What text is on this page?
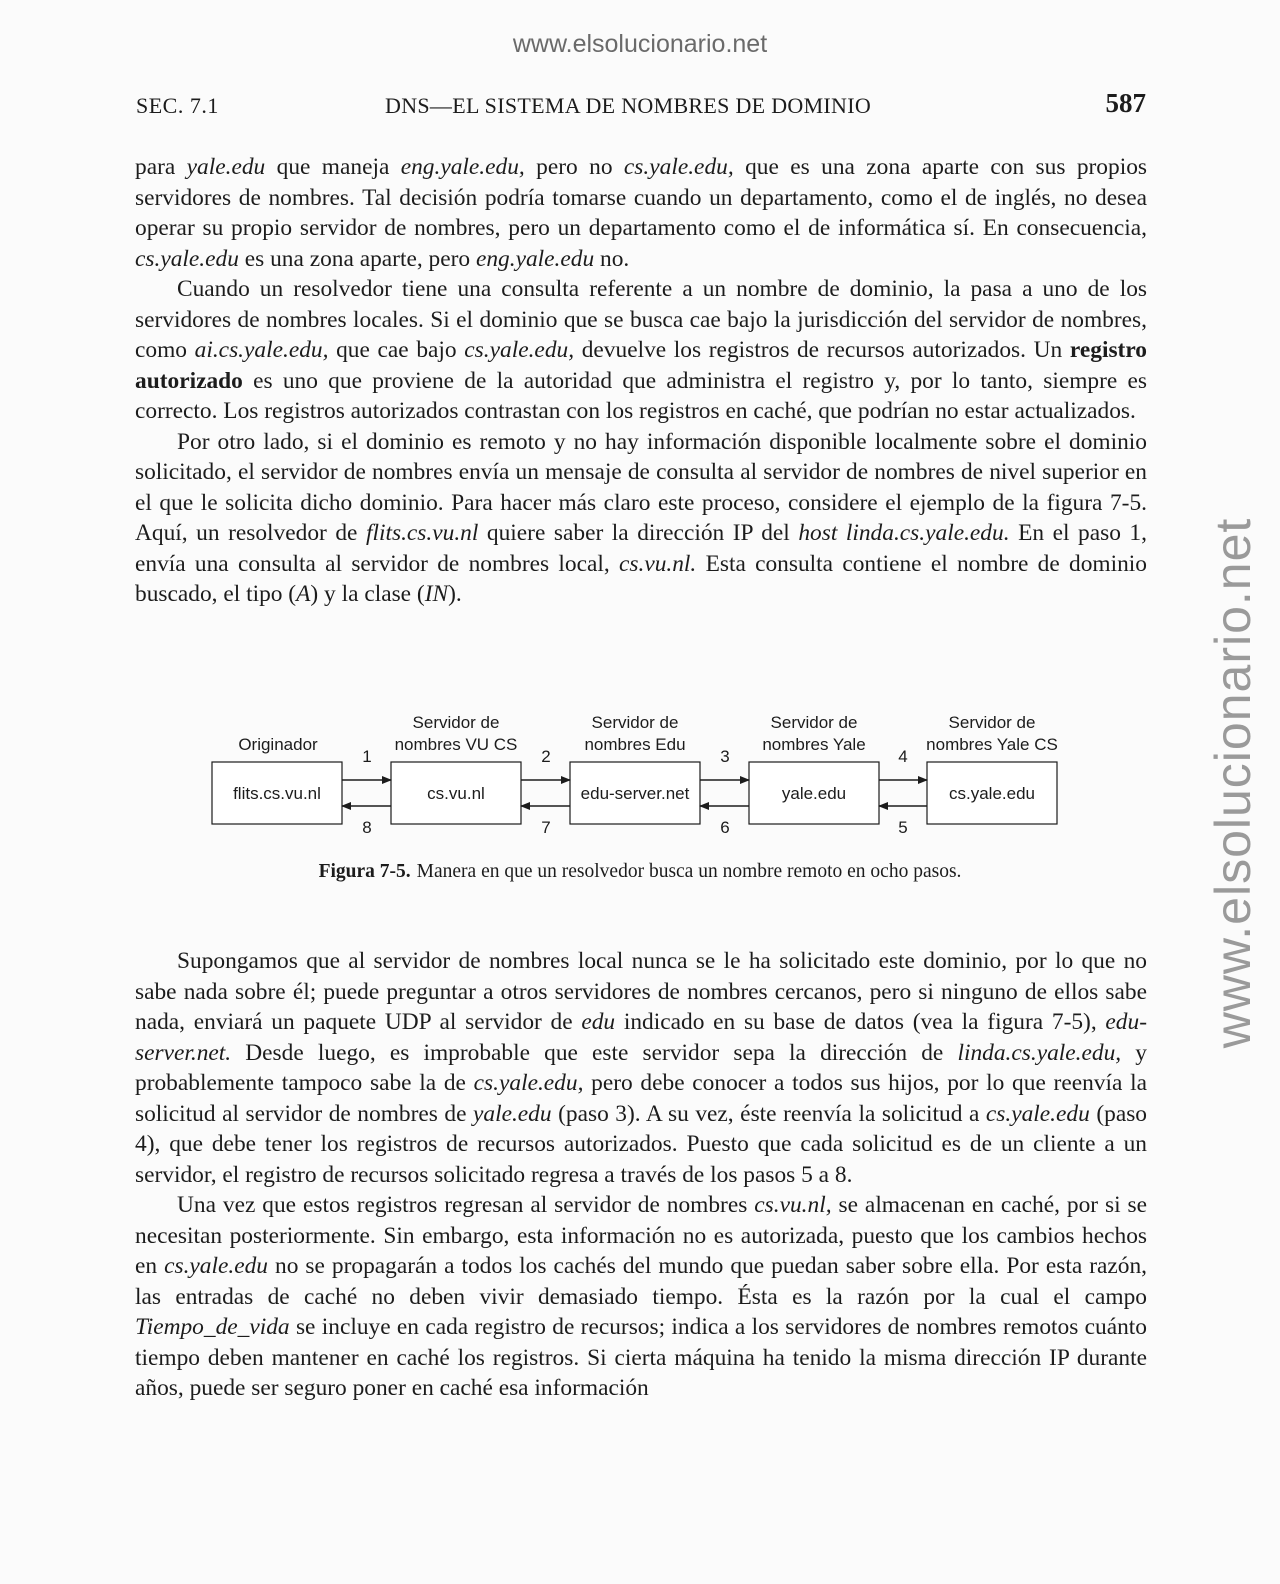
www.elsolucionario.net
www.elsolucionario.net
SEC. 7.1	DNS—EL SISTEMA DE NOMBRES DE DOMINIO	587

para yale.edu que maneja eng.yale.edu, pero no cs.yale.edu, que es una zona aparte con sus propios servidores de nombres. Tal decisión podría tomarse cuando un departamento, como el de inglés, no desea operar su propio servidor de nombres, pero un departamento como el de informática sí. En consecuencia, cs.yale.edu es una zona aparte, pero eng.yale.edu no.

Cuando un resolvedor tiene una consulta referente a un nombre de dominio, la pasa a uno de los servidores de nombres locales. Si el dominio que se busca cae bajo la jurisdicción del servidor de nombres, como ai.cs.yale.edu, que cae bajo cs.yale.edu, devuelve los registros de recursos autorizados. Un registro autorizado es uno que proviene de la autoridad que administra el registro y, por lo tanto, siempre es correcto. Los registros autorizados contrastan con los registros en caché, que podrían no estar actualizados.

Por otro lado, si el dominio es remoto y no hay información disponible localmente sobre el dominio solicitado, el servidor de nombres envía un mensaje de consulta al servidor de nombres de nivel superior en el que le solicita dicho dominio. Para hacer más claro este proceso, considere el ejemplo de la figura 7-5. Aquí, un resolvedor de flits.cs.vu.nl quiere saber la dirección IP del host linda.cs.yale.edu. En el paso 1, envía una consulta al servidor de nombres local, cs.vu.nl. Esta consulta contiene el nombre de dominio buscado, el tipo (A) y la clase (IN).

Originador
Servidor de
nombres VU CS
Servidor de
nombres Edu
Servidor de
nombres Yale
Servidor de
nombres Yale CS
flits.cs.vu.nl	cs.vu.nl	edu-server.net	yale.edu	cs.yale.edu
1	2	3	4
8	7	6	5
Figura 7-5. Manera en que un resolvedor busca un nombre remoto en ocho pasos.

Supongamos que al servidor de nombres local nunca se le ha solicitado este dominio, por lo que no sabe nada sobre él; puede preguntar a otros servidores de nombres cercanos, pero si ninguno de ellos sabe nada, enviará un paquete UDP al servidor de edu indicado en su base de datos (vea la figura 7-5), edu-server.net. Desde luego, es improbable que este servidor sepa la dirección de linda.cs.yale.edu, y probablemente tampoco sabe la de cs.yale.edu, pero debe conocer a todos sus hijos, por lo que reenvía la solicitud al servidor de nombres de yale.edu (paso 3). A su vez, éste reenvía la solicitud a cs.yale.edu (paso 4), que debe tener los registros de recursos autorizados. Puesto que cada solicitud es de un cliente a un servidor, el registro de recursos solicitado regresa a través de los pasos 5 a 8.

Una vez que estos registros regresan al servidor de nombres cs.vu.nl, se almacenan en caché, por si se necesitan posteriormente. Sin embargo, esta información no es autorizada, puesto que los cambios hechos en cs.yale.edu no se propagarán a todos los cachés del mundo que puedan saber sobre ella. Por esta razón, las entradas de caché no deben vivir demasiado tiempo. Ésta es la razón por la cual el campo Tiempo_de_vida se incluye en cada registro de recursos; indica a los servidores de nombres remotos cuánto tiempo deben mantener en caché los registros. Si cierta máquina ha tenido la misma dirección IP durante años, puede ser seguro poner en caché esa información
